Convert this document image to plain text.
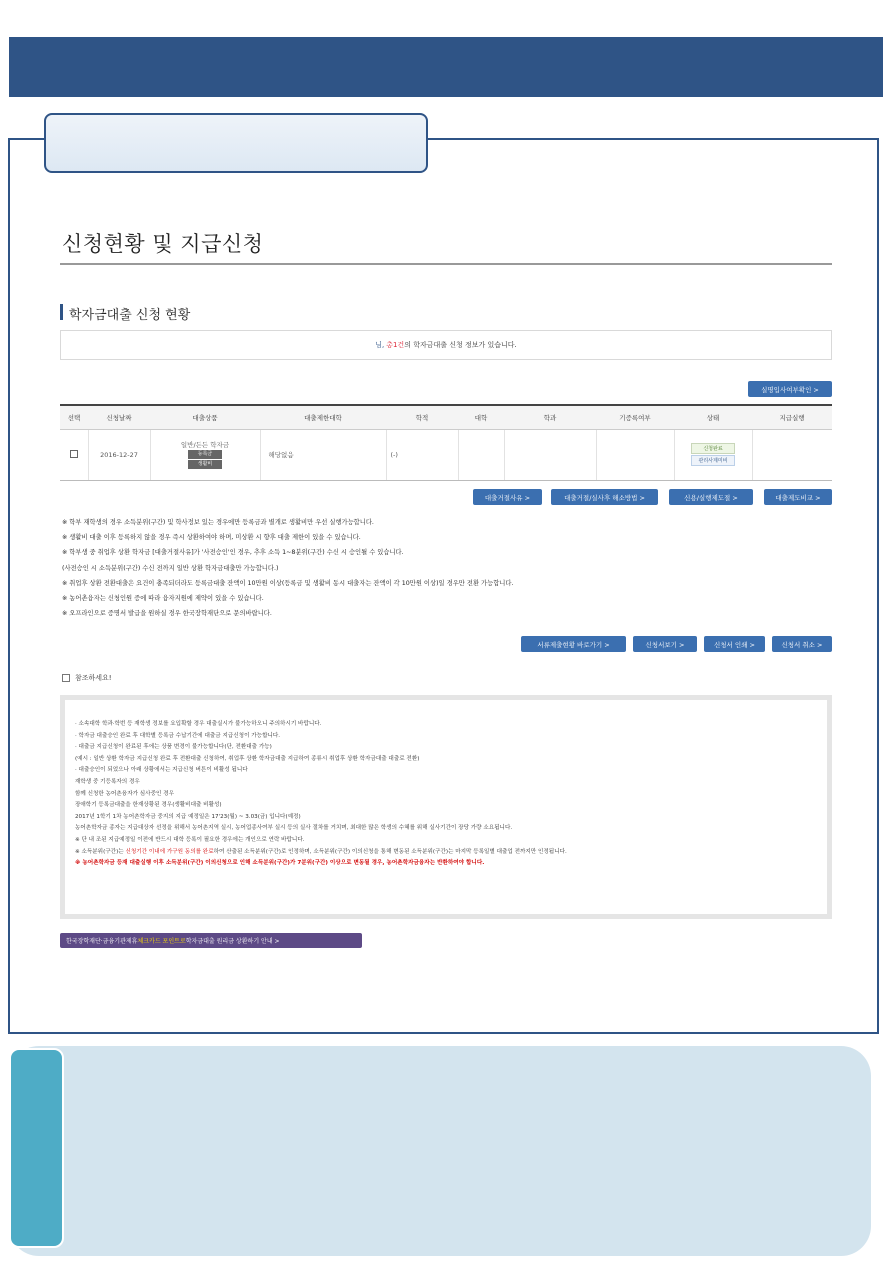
신청현황 및 지급신청
학자금대출 신청 현황
님, 총1건 의 학자금대출 신청 정보가 있습니다.
실명입사여부확인 >
선택	신청날짜	대출상품	대출제한대학	학적	대학	학과	기증록여부	상태	지급실행
	2016-12-27	일반/든든 학자금
등록금
생활비	해당없음	(-)				신청완료
관리사제미비	

대출거절사유 >	대출거절/실사후 해소방법 >	신용/실행제도절 >	대출제도비교 >
※ 학부 재학생의 경우 소득분위(구간) 및 학사정보 있는 경우에만 등록금과 별개로 생활비만 우선 실행가능합니다.
※ 생활비 대출 이후 등록하지 않을 경우 즉시 상환하여야 하며, 미상환 시 향후 대출 제한이 있을 수 있습니다.
※ 학부생 중 취업후 상환 학자금 [대출거절사유]가 '사전승인'인 경우, 추후 소득 1~8분위(구간) 수신 시 승인될 수 있습니다.
(사전승인 시 소득분위(구간) 수신 전까지 일반 상환 학자금대출만 가능합니다.)
※ 취업후 상환 전환대출은 요건이 충족되더라도 등록금대출 잔액이 10만원 이상(등록금 및 생활비 동시 대출자는 잔액이 각 10만원 이상)일 경우만 전환 가능합니다.
※ 농어촌융자는 신청인원 증에 따라 융자지원에 제약이 있을 수 있습니다.
※ 오프라인으로 증명서 발급을 원하실 경우 한국장학재단으로 문의바랍니다.
서류제출현황 바로가기 >	신청서보기 >	신청서 인쇄 >	신청서 취소 >
참조하세요!
· 소속대학 학과·학번 등 재학생 정보를 요입확할 경우 대출실시가 불가능하오니 주의하시기 바랍니다.
· 학자금 대출승인 완료 후 대학별 등록금 수납기간에 대출금 지급신청이 가능합니다.
· 대출금 지급신청이 완료된 후에는 상품 변경이 불가능합니다(단, 전환대출 가능)
(예시 : 일반 상환 학자금 지급신청 완료 후 전환대출 신청하여, 취업후 상환 학자금대출 지급하여 종류시 취업후 상환 학자금대출 대출로 전환)
· 대출승인이 되었으나 아래 상황에서는 지급신청 버튼이 비활성 됩니다
재학생 중 기등록자의 경우
함께 신청한 농어촌융자가 심사중인 경우
장애학기 등록금대출을 한재상황된 경우(생활비대출 비활성)
2017년 1학기 1차 농어촌학자금 중지의 지급 예정일은 17'23(월) ~ 3.03(금) 입니다(예정)
농어촌학자금 종자는 지급대상자 선정을 위해서 농어촌지역 실시, 농어업종사여부 실시 등의 실사 절차를 거치며, 최대한 많은 학생의 수혜를 위해 실사기간이 장당 가량 소요됩니다.
※ 단 내 조된 지급예정일 이전에 반드시 대학 등록이 필요한 경우에는 개인으로 연락 바랍니다.
※ 소득분위(구간)는 신청기간 이내에 가구원 동의를 완료하여 산출된 소득분위(구간)로 인정하며, 소득분위(구간) 이의신청을 통해 변동된 소득분위(구간)는 마지막 등록일별 대출업 전까지만 인정됩니다.
※ 농어촌학자금 등재 대출실행 이후 소득분위(구간) 이의신청으로 인해 소득분위(구간)가 7분위(구간) 이상으로 변동될 경우, 농어촌학자금융자는 반환하여야 합니다.
한국장학재단·금융기관제휴 체크카드 포인트로 학자금대출 원리금 상환하기 안내 >
